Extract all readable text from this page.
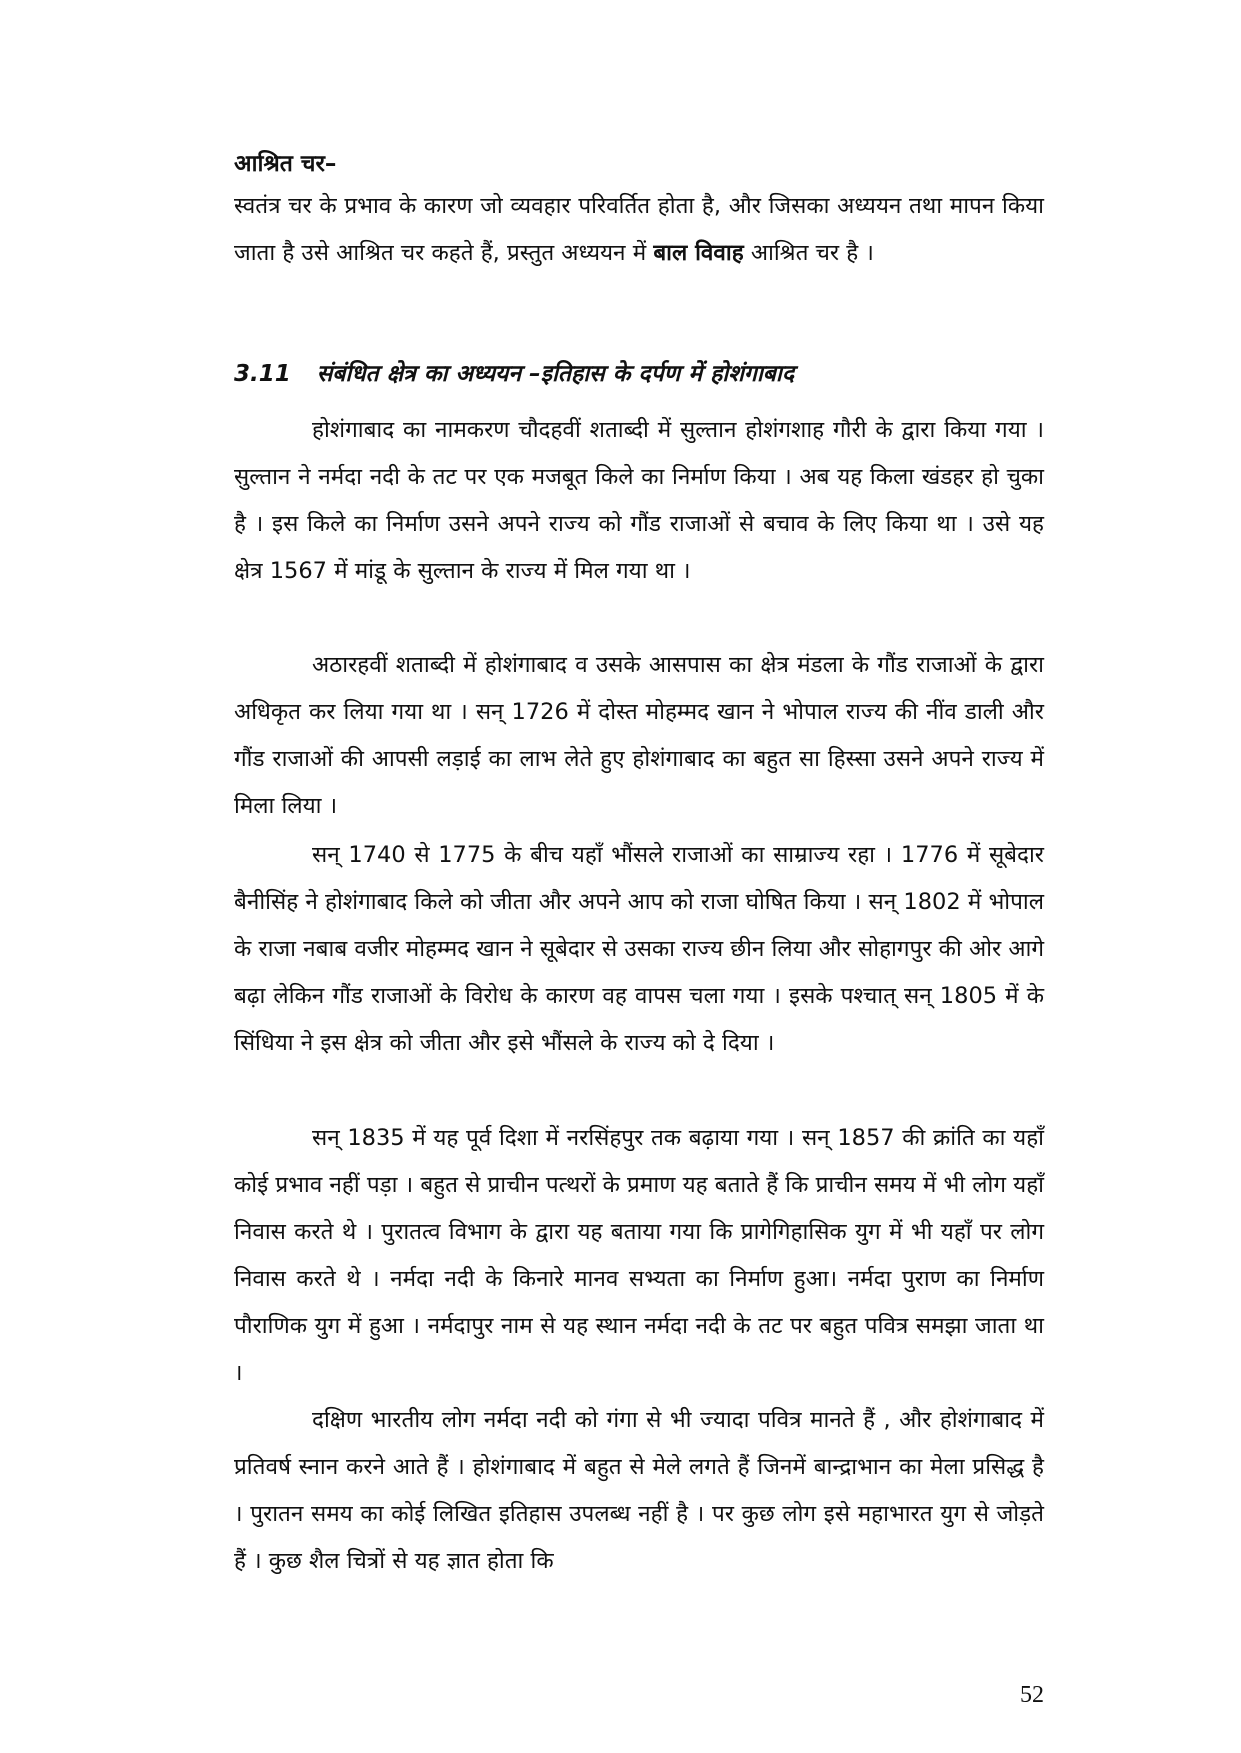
आश्रित चर–

स्वतंत्र चर के प्रभाव के कारण जो व्यवहार परिवर्तित होता है, और जिसका अध्ययन तथा मापन किया जाता है उसे आश्रित चर कहते हैं, प्रस्तुत अध्ययन में बाल विवाह आश्रित चर है ।

3.11 संबंधित क्षेत्र का अध्ययन –इतिहास के दर्पण में होशंगाबाद

होशंगाबाद का नामकरण चौदहवीं शताब्दी में सुल्तान होशंगशाह गौरी के द्वारा किया गया । सुल्तान ने नर्मदा नदी के तट पर एक मजबूत किले का निर्माण किया । अब यह किला खंडहर हो चुका है । इस किले का निर्माण उसने अपने राज्य को गौंड राजाओं से बचाव के लिए किया था । उसे यह क्षेत्र 1567 में मांडू के सुल्तान के राज्य में मिल गया था ।

अठारहवीं शताब्दी में होशंगाबाद व उसके आसपास का क्षेत्र मंडला के गौंड राजाओं के द्वारा अधिकृत कर लिया गया था । सन् 1726 में दोस्त मोहम्मद खान ने भोपाल राज्य की नींव डाली और गौंड राजाओं की आपसी लड़ाई का लाभ लेते हुए होशंगाबाद का बहुत सा हिस्सा उसने अपने राज्य में मिला लिया ।

सन् 1740 से 1775 के बीच यहॉं भौंसले राजाओं का साम्राज्य रहा । 1776 में सूबेदार बैनीसिंह ने होशंगाबाद किले को जीता और अपने आप को राजा घोषित किया । सन् 1802 में भोपाल के राजा नबाब वजीर मोहम्मद खान ने सूबेदार से उसका राज्य छीन लिया और सोहागपुर की ओर आगे बढ़ा लेकिन गौंड राजाओं के विरोध के कारण वह वापस चला गया । इसके पश्चात् सन् 1805 में के सिंधिया ने इस क्षेत्र को जीता और इसे भौंसले के राज्य को दे दिया ।

सन् 1835 में यह पूर्व दिशा में नरसिंहपुर तक बढ़ाया गया । सन् 1857 की क्रांति का यहॉं कोई प्रभाव नहीं पड़ा । बहुत से प्राचीन पत्थरों के प्रमाण यह बताते हैं कि प्राचीन समय में भी लोग यहॉं निवास करते थे । पुरातत्व विभाग के द्वारा यह बताया गया कि प्रागेगिहासिक युग में भी यहॉं पर लोग निवास करते थे । नर्मदा नदी के किनारे मानव सभ्यता का निर्माण हुआ। नर्मदा पुराण का निर्माण पौराणिक युग में हुआ । नर्मदापुर नाम से यह स्थान नर्मदा नदी के तट पर बहुत पवित्र समझा जाता था ।

दक्षिण भारतीय लोग नर्मदा नदी को गंगा से भी ज्यादा पवित्र मानते हैं , और होशंगाबाद में प्रतिवर्ष स्नान करने आते हैं । होशंगाबाद में बहुत से मेले लगते हैं जिनमें बान्द्राभान का मेला प्रसिद्ध है । पुरातन समय का कोई लिखित इतिहास उपलब्ध नहीं है । पर कुछ लोग इसे महाभारत युग से जोड़ते हैं । कुछ शैल चित्रों से यह ज्ञात होता कि

52
